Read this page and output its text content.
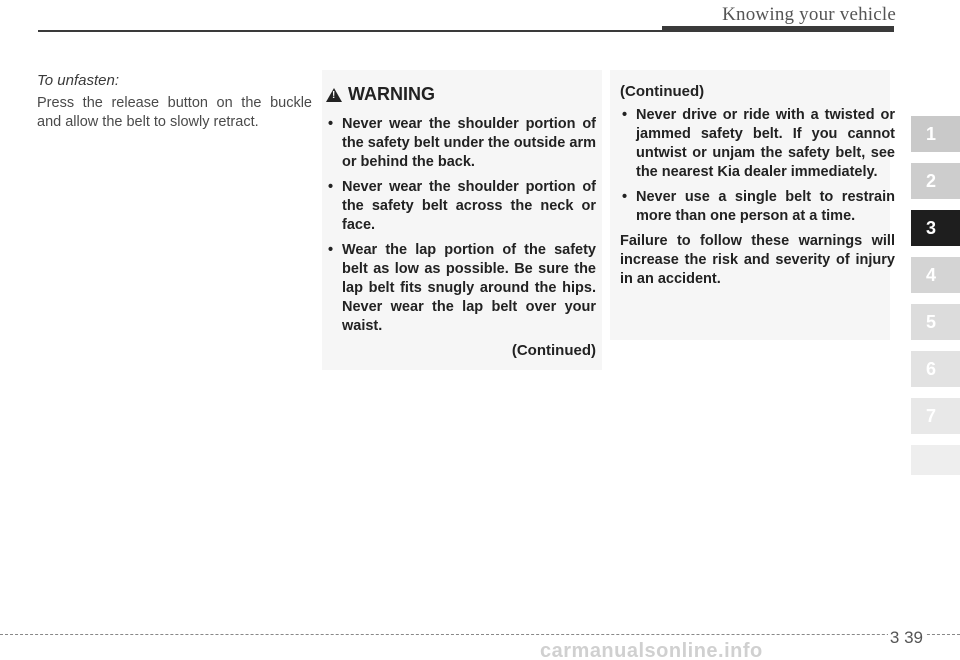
Knowing your vehicle
To unfasten:

Press the release button on the buckle and allow the belt to slowly retract.

!
WARNING
• Never wear the shoulder portion of the safety belt under the outside arm or behind the back.
• Never wear the shoulder portion of the safety belt across the neck or face.
• Wear the lap portion of the safety belt as low as possible. Be sure the lap belt fits snugly around the hips. Never wear the lap belt over your waist.
(Continued)
(Continued)
• Never drive or ride with a twisted or jammed safety belt. If you cannot untwist or unjam the safety belt, see the nearest Kia dealer immediately.
• Never use a single belt to restrain more than one person at a time.

Failure to follow these warnings will increase the risk and severity of injury in an accident.

1
2
3
4
5
6
7
3 39
carmanualsonline.info
